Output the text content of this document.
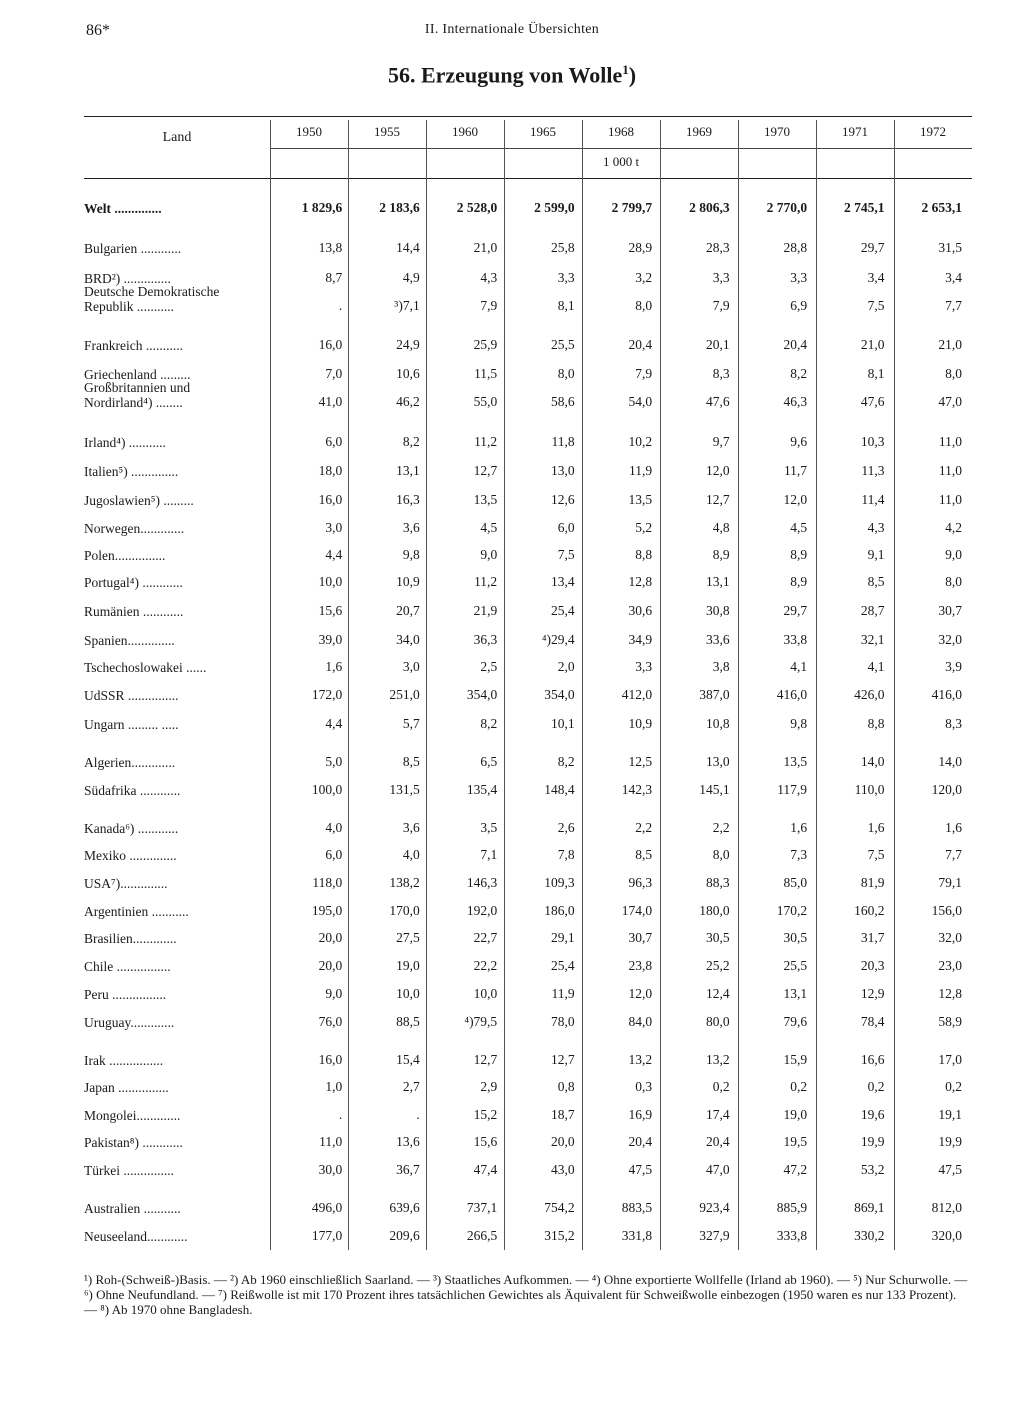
86*	II. Internationale Übersichten
56. Erzeugung von Wolle$^1$)
Land	1950	1955	1960	1965	1968	1969	1970	1971	1972
1 000 t
Welt ..............	1 829,6	2 183,6	2 528,0	2 599,0	2 799,7	2 806,3	2 770,0	2 745,1	2 653,1
Bulgarien ............	13,8	14,4	21,0	25,8	28,9	28,3	28,8	29,7	31,5
BRD²) ..............	8,7	4,9	4,3	3,3	3,2	3,3	3,3	3,4	3,4
Deutsche Demokratische
Republik ...........	.	³)7,1	7,9	8,1	8,0	7,9	6,9	7,5	7,7
Frankreich ...........	16,0	24,9	25,9	25,5	20,4	20,1	20,4	21,0	21,0
Griechenland .........	7,0	10,6	11,5	8,0	7,9	8,3	8,2	8,1	8,0
Großbritannien und
Nordirland⁴) ........	41,0	46,2	55,0	58,6	54,0	47,6	46,3	47,6	47,0
Irland⁴) ...........	6,0	8,2	11,2	11,8	10,2	9,7	9,6	10,3	11,0
Italien⁵) ..............	18,0	13,1	12,7	13,0	11,9	12,0	11,7	11,3	11,0
Jugoslawien⁵) .........	16,0	16,3	13,5	12,6	13,5	12,7	12,0	11,4	11,0
Norwegen.............	3,0	3,6	4,5	6,0	5,2	4,8	4,5	4,3	4,2
Polen...............	4,4	9,8	9,0	7,5	8,8	8,9	8,9	9,1	9,0
Portugal⁴) ............	10,0	10,9	11,2	13,4	12,8	13,1	8,9	8,5	8,0
Rumänien ............	15,6	20,7	21,9	25,4	30,6	30,8	29,7	28,7	30,7
Spanien..............	39,0	34,0	36,3	⁴)29,4	34,9	33,6	33,8	32,1	32,0
Tschechoslowakei ......	1,6	3,0	2,5	2,0	3,3	3,8	4,1	4,1	3,9
UdSSR ...............	172,0	251,0	354,0	354,0	412,0	387,0	416,0	426,0	416,0
Ungarn ......... .....	4,4	5,7	8,2	10,1	10,9	10,8	9,8	8,8	8,3
Algerien.............	5,0	8,5	6,5	8,2	12,5	13,0	13,5	14,0	14,0
Südafrika ............	100,0	131,5	135,4	148,4	142,3	145,1	117,9	110,0	120,0
Kanada⁶) ............	4,0	3,6	3,5	2,6	2,2	2,2	1,6	1,6	1,6
Mexiko ..............	6,0	4,0	7,1	7,8	8,5	8,0	7,3	7,5	7,7
USA⁷)..............	118,0	138,2	146,3	109,3	96,3	88,3	85,0	81,9	79,1
Argentinien ...........	195,0	170,0	192,0	186,0	174,0	180,0	170,2	160,2	156,0
Brasilien.............	20,0	27,5	22,7	29,1	30,7	30,5	30,5	31,7	32,0
Chile ................	20,0	19,0	22,2	25,4	23,8	25,2	25,5	20,3	23,0
Peru ................	9,0	10,0	10,0	11,9	12,0	12,4	13,1	12,9	12,8
Uruguay.............	76,0	88,5	⁴)79,5	78,0	84,0	80,0	79,6	78,4	58,9
Irak ................	16,0	15,4	12,7	12,7	13,2	13,2	15,9	16,6	17,0
Japan ...............	1,0	2,7	2,9	0,8	0,3	0,2	0,2	0,2	0,2
Mongolei.............	.	.	15,2	18,7	16,9	17,4	19,0	19,6	19,1
Pakistan⁸) ............	11,0	13,6	15,6	20,0	20,4	20,4	19,5	19,9	19,9
Türkei ...............	30,0	36,7	47,4	43,0	47,5	47,0	47,2	53,2	47,5
Australien ...........	496,0	639,6	737,1	754,2	883,5	923,4	885,9	869,1	812,0
Neuseeland............	177,0	209,6	266,5	315,2	331,8	327,9	333,8	330,2	320,0
¹) Roh-(Schweiß-)Basis. — ²) Ab 1960 einschließlich Saarland. — ³) Staatliches Aufkommen. — ⁴) Ohne exportierte Wollfelle (Irland ab 1960). — ⁵) Nur Schurwolle. — ⁶) Ohne Neufundland. — ⁷) Reißwolle ist mit 170 Prozent ihres tatsächlichen Gewichtes als Äquivalent für Schweißwolle einbezogen (1950 waren es nur 133 Prozent). — ⁸) Ab 1970 ohne Bangladesh.
